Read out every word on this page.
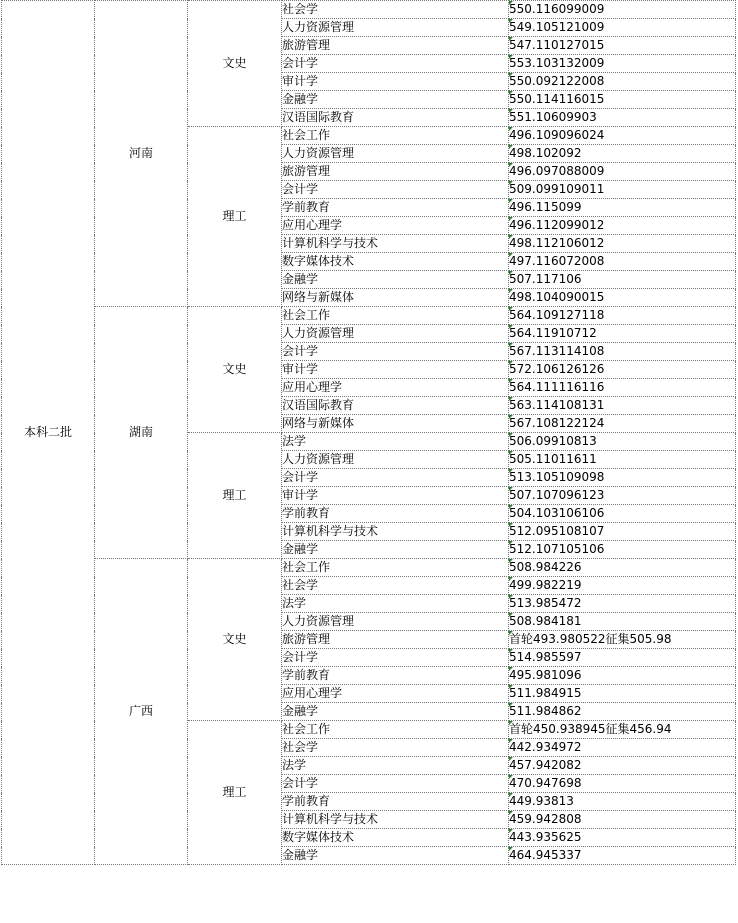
本科二批	河南	文史	社会学	550.116099009
			人力资源管理	549.105121009
			旅游管理	547.110127015
			会计学	553.103132009
			审计学	550.092122008
			金融学	550.114116015
			汉语国际教育	551.10609903
		理工	社会工作	496.109096024
			人力资源管理	498.102092
			旅游管理	496.097088009
			会计学	509.099109011
			学前教育	496.115099
			应用心理学	496.112099012
			计算机科学与技术	498.112106012
			数字媒体技术	497.116072008
			金融学	507.117106
			网络与新媒体	498.104090015
	湖南	文史	社会工作	564.109127118
			人力资源管理	564.11910712
			会计学	567.113114108
			审计学	572.106126126
			应用心理学	564.111116116
			汉语国际教育	563.114108131
			网络与新媒体	567.108122124
		理工	法学	506.09910813
			人力资源管理	505.11011611
			会计学	513.105109098
			审计学	507.107096123
			学前教育	504.103106106
			计算机科学与技术	512.095108107
			金融学	512.107105106
	广西	文史	社会工作	508.984226
			社会学	499.982219
			法学	513.985472
			人力资源管理	508.984181
			旅游管理	首轮493.980522征集505.98
			会计学	514.985597
			学前教育	495.981096
			应用心理学	511.984915
			金融学	511.984862
		理工	社会工作	首轮450.938945征集456.94
			社会学	442.934972
			法学	457.942082
			会计学	470.947698
			学前教育	449.93813
			计算机科学与技术	459.942808
			数字媒体技术	443.935625
			金融学	464.945337
